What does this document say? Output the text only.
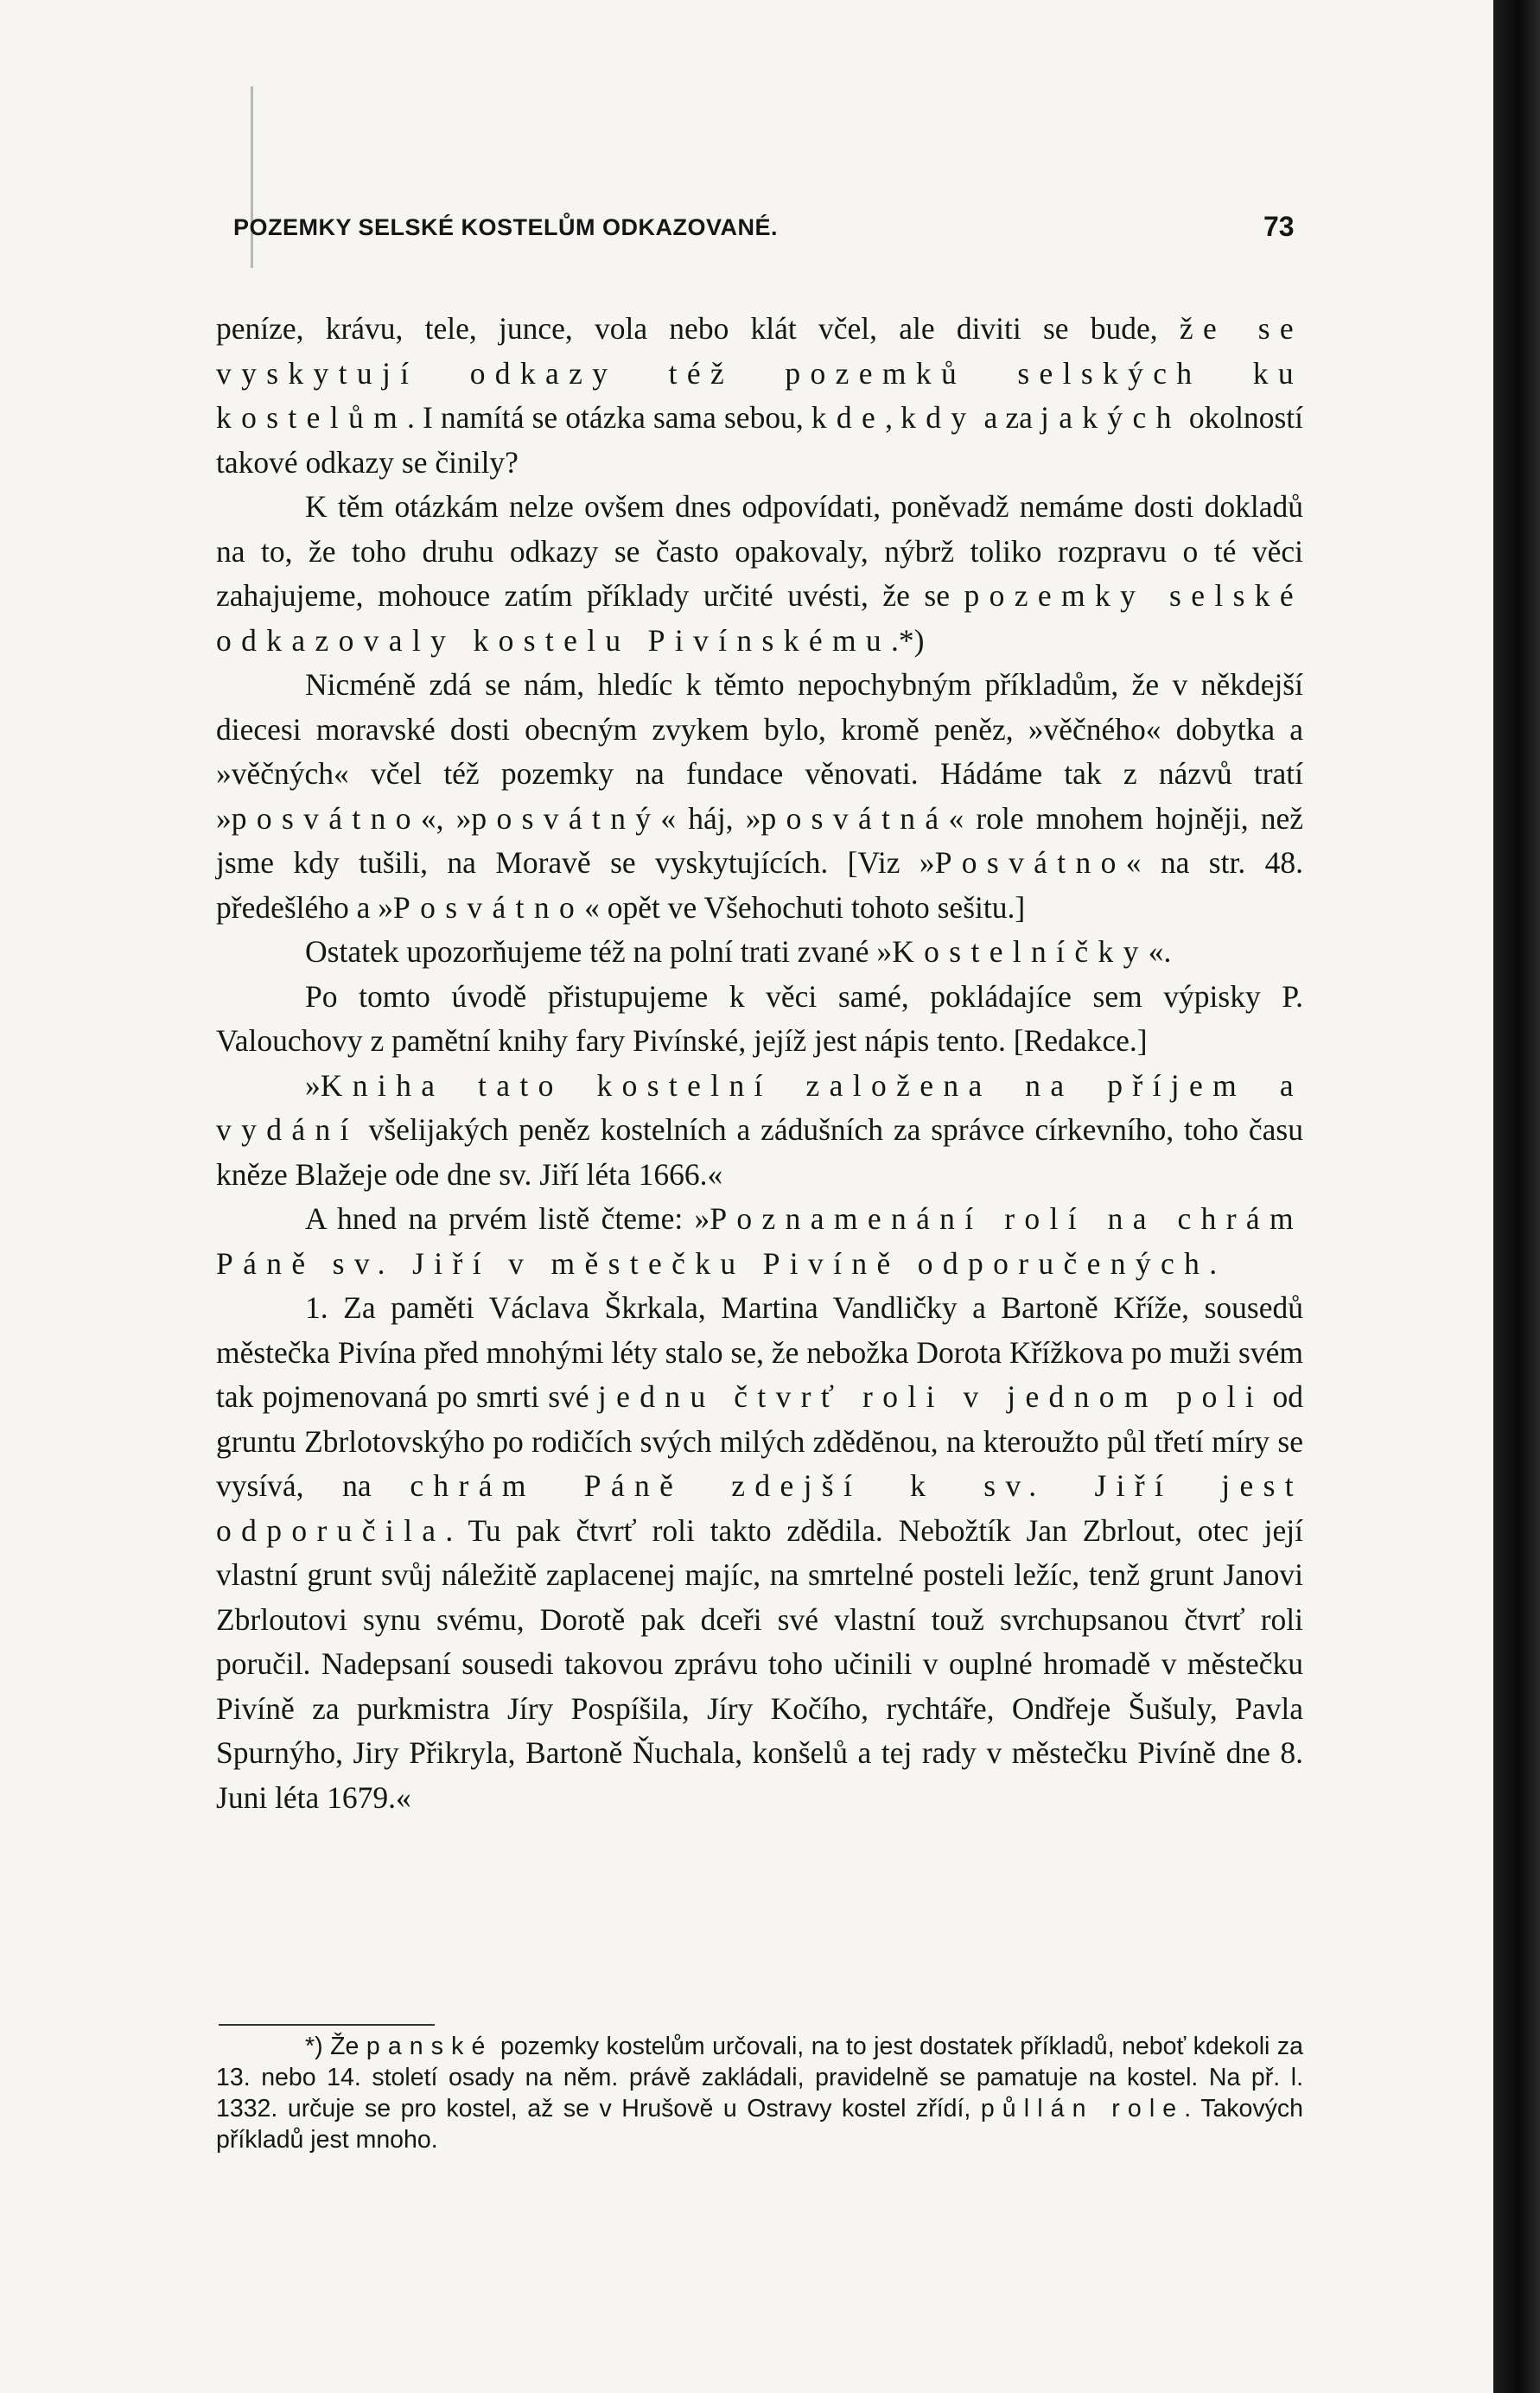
POZEMKY SELSKÉ KOSTELŮM ODKAZOVANÉ.	73

peníze, krávu, tele, junce, vola nebo klát včel, ale diviti se bude, že se vyskytují odkazy též pozemků selských ku kostelům. I namítá se otázka sama sebou, kde, kdy a za jakých okolností takové odkazy se činily?

K těm otázkám nelze ovšem dnes odpovídati, poněvadž nemáme dosti dokladů na to, že toho druhu odkazy se často opakovaly, nýbrž toliko rozpravu o té věci zahajujeme, mohouce zatím příklady určité uvésti, že se pozemky selské odkazovaly kostelu Pivínskému.*)

Nicméně zdá se nám, hledíc k těmto nepochybným příkladům, že v někdejší diecesi moravské dosti obecným zvykem bylo, kromě peněz, »věčného« dobytka a »věčných« včel též pozemky na fundace věnovati. Hádáme tak z názvů tratí »posvátno«, »posvátný« háj, »posvátná« role mnohem hojněji, než jsme kdy tušili, na Moravě se vyskytujících. [Viz »Posvátno« na str. 48. předešlého a »Posvátno« opět ve Všehochuti tohoto sešitu.]

Ostatek upozorňujeme též na polní trati zvané »Kostelníčky«.

Po tomto úvodě přistupujeme k věci samé, pokládajíce sem výpisky P. Valouchovy z pamětní knihy fary Pivínské, jejíž jest nápis tento. [Redakce.]

»Kniha tato kostelní založena na příjem a vydání všelijakých peněz kostelních a zádušních za správce církevního, toho času kněze Blažeje ode dne sv. Jiří léta 1666.«

A hned na prvém listě čteme: »Poznamenání rolí na chrám Páně sv. Jiří v městečku Pivíně odporučených.

1. Za paměti Václava Škrkala, Martina Vandličky a Bartoně Kříže, sousedů městečka Pivína před mnohými léty stalo se, že nebožka Dorota Křížkova po muži svém tak pojmenovaná po smrti své jednu čtvrť roli v jednom poli od gruntu Zbrlotovskýho po rodičích svých milých zdědĕnou, na kteroužto půl třetí míry se vysívá, na chrám Páně zdejší k sv. Jiří jest odporučila. Tu pak čtvrť roli takto zdědila. Nebožtík Jan Zbrlout, otec její vlastní grunt svůj náležitě zaplacenej majíc, na smrtelné posteli ležíc, tenž grunt Janovi Zbrloutovi synu svému, Dorotě pak dceři své vlastní touž svrchupsanou čtvrť roli poručil. Nadepsaní sousedi takovou zprávu toho učinili v ouplné hromadě v městečku Pivíně za purkmistra Jíry Pospíšila, Jíry Kočího, rychtáře, Ondřeje Šušuly, Pavla Spurnýho, Jiry Přikryla, Bartoně Ňuchala, konšelů a tej rady v městečku Pivíně dne 8. Juni léta 1679.«

*) Že panské pozemky kostelům určovali, na to jest dostatek příkladů, neboť kdekoli za 13. nebo 14. století osady na něm. právě zakládali, pravidelně se pamatuje na kostel. Na př. l. 1332. určuje se pro kostel, až se v Hrušově u Ostravy kostel zřídí, půllán role. Takových příkladů jest mnoho.
